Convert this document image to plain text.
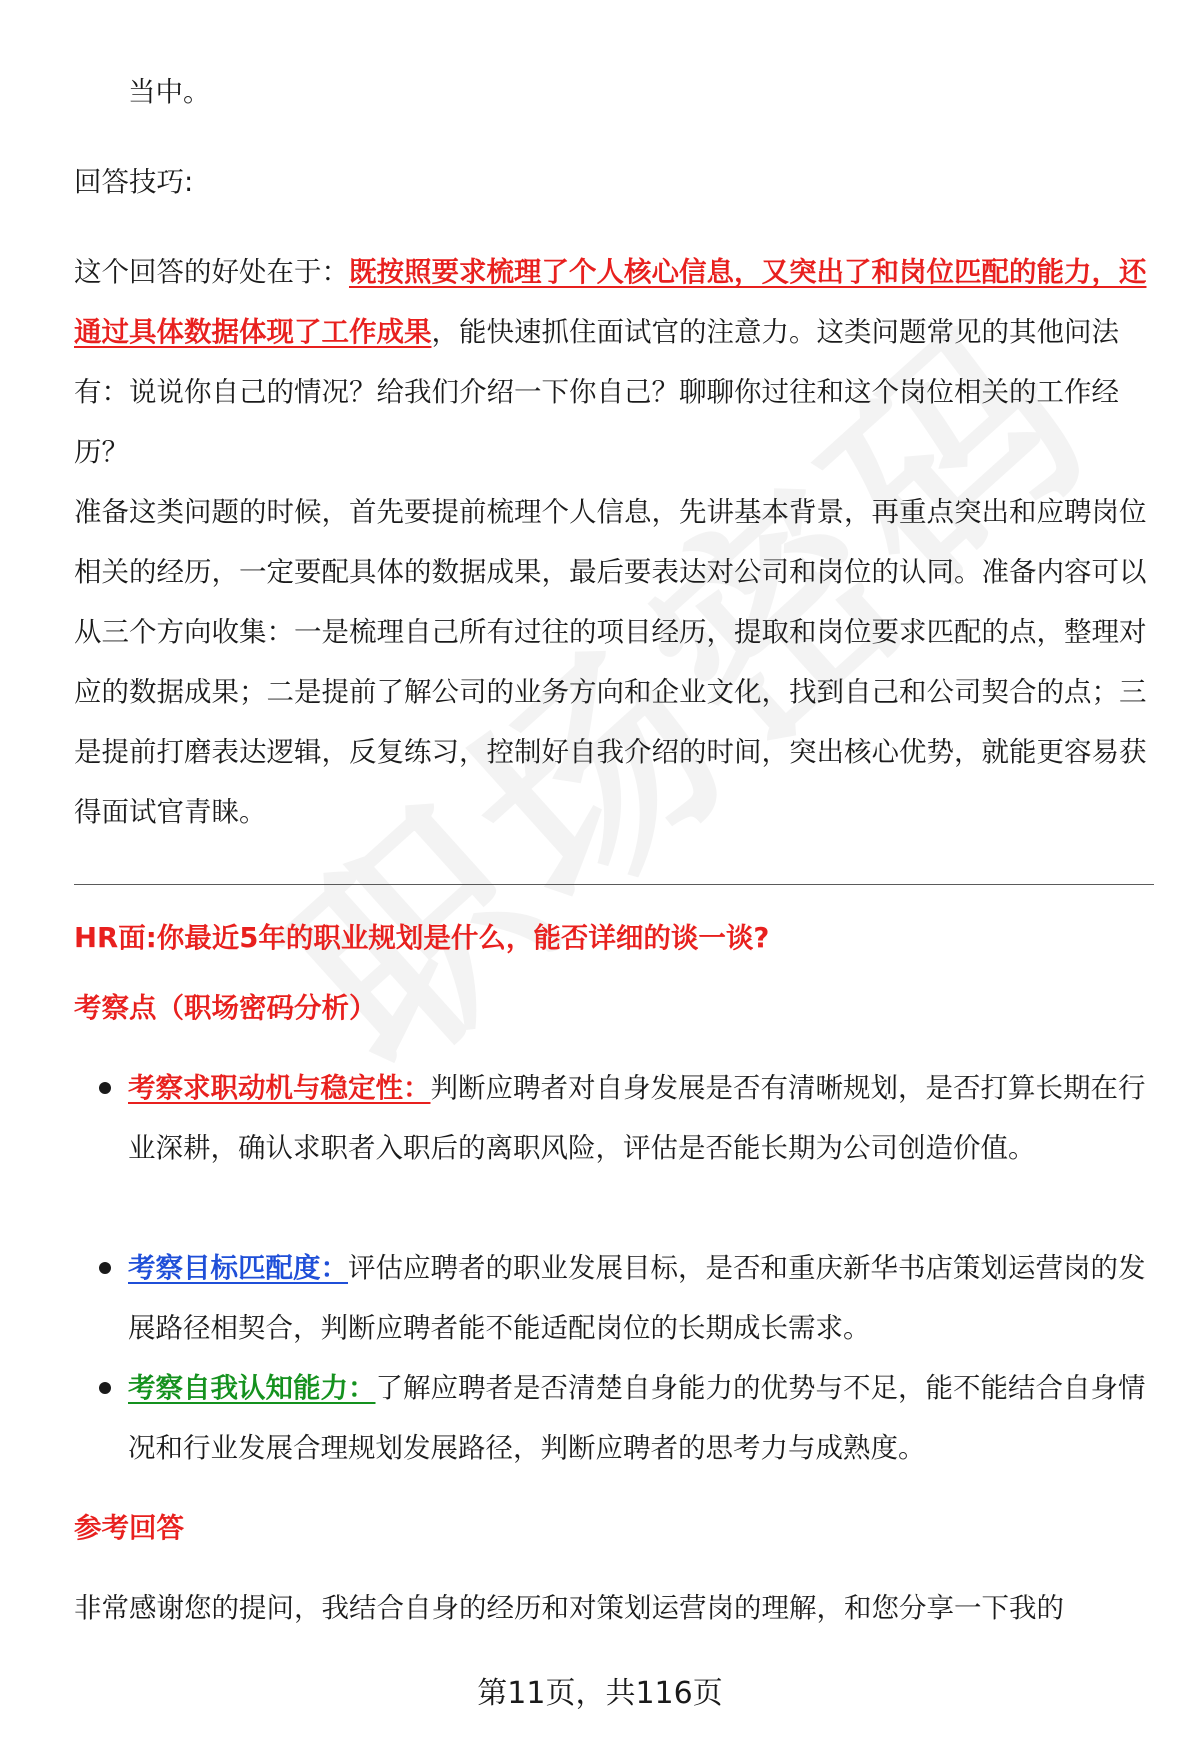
当中。

回答技巧:

这个回答的好处在于：既按照要求梳理了个人核心信息，又突出了和岗位匹配的能力，还通过具体数据体现了工作成果，能快速抓住面试官的注意力。这类问题常见的其他问法有：说说你自己的情况？给我们介绍一下你自己？聊聊你过往和这个岗位相关的工作经历？

准备这类问题的时候，首先要提前梳理个人信息，先讲基本背景，再重点突出和应聘岗位相关的经历，一定要配具体的数据成果，最后要表达对公司和岗位的认同。准备内容可以从三个方向收集：一是梳理自己所有过往的项目经历，提取和岗位要求匹配的点，整理对应的数据成果；二是提前了解公司的业务方向和企业文化，找到自己和公司契合的点；三是提前打磨表达逻辑，反复练习，控制好自我介绍的时间，突出核心优势，就能更容易获得面试官青睐。

HR面:你最近5年的职业规划是什么，能否详细的谈一谈?
考察点（职场密码分析）
考察求职动机与稳定性：判断应聘者对自身发展是否有清晰规划，是否打算长期在行业深耕，确认求职者入职后的离职风险，评估是否能长期为公司创造价值。
考察目标匹配度：评估应聘者的职业发展目标，是否和重庆新华书店策划运营岗的发展路径相契合，判断应聘者能不能适配岗位的长期成长需求。
考察自我认知能力：了解应聘者是否清楚自身能力的优势与不足，能不能结合自身情况和行业发展合理规划发展路径，判断应聘者的思考力与成熟度。
参考回答

非常感谢您的提问，我结合自身的经历和对策划运营岗的理解，和您分享一下我的

第11页，共116页
